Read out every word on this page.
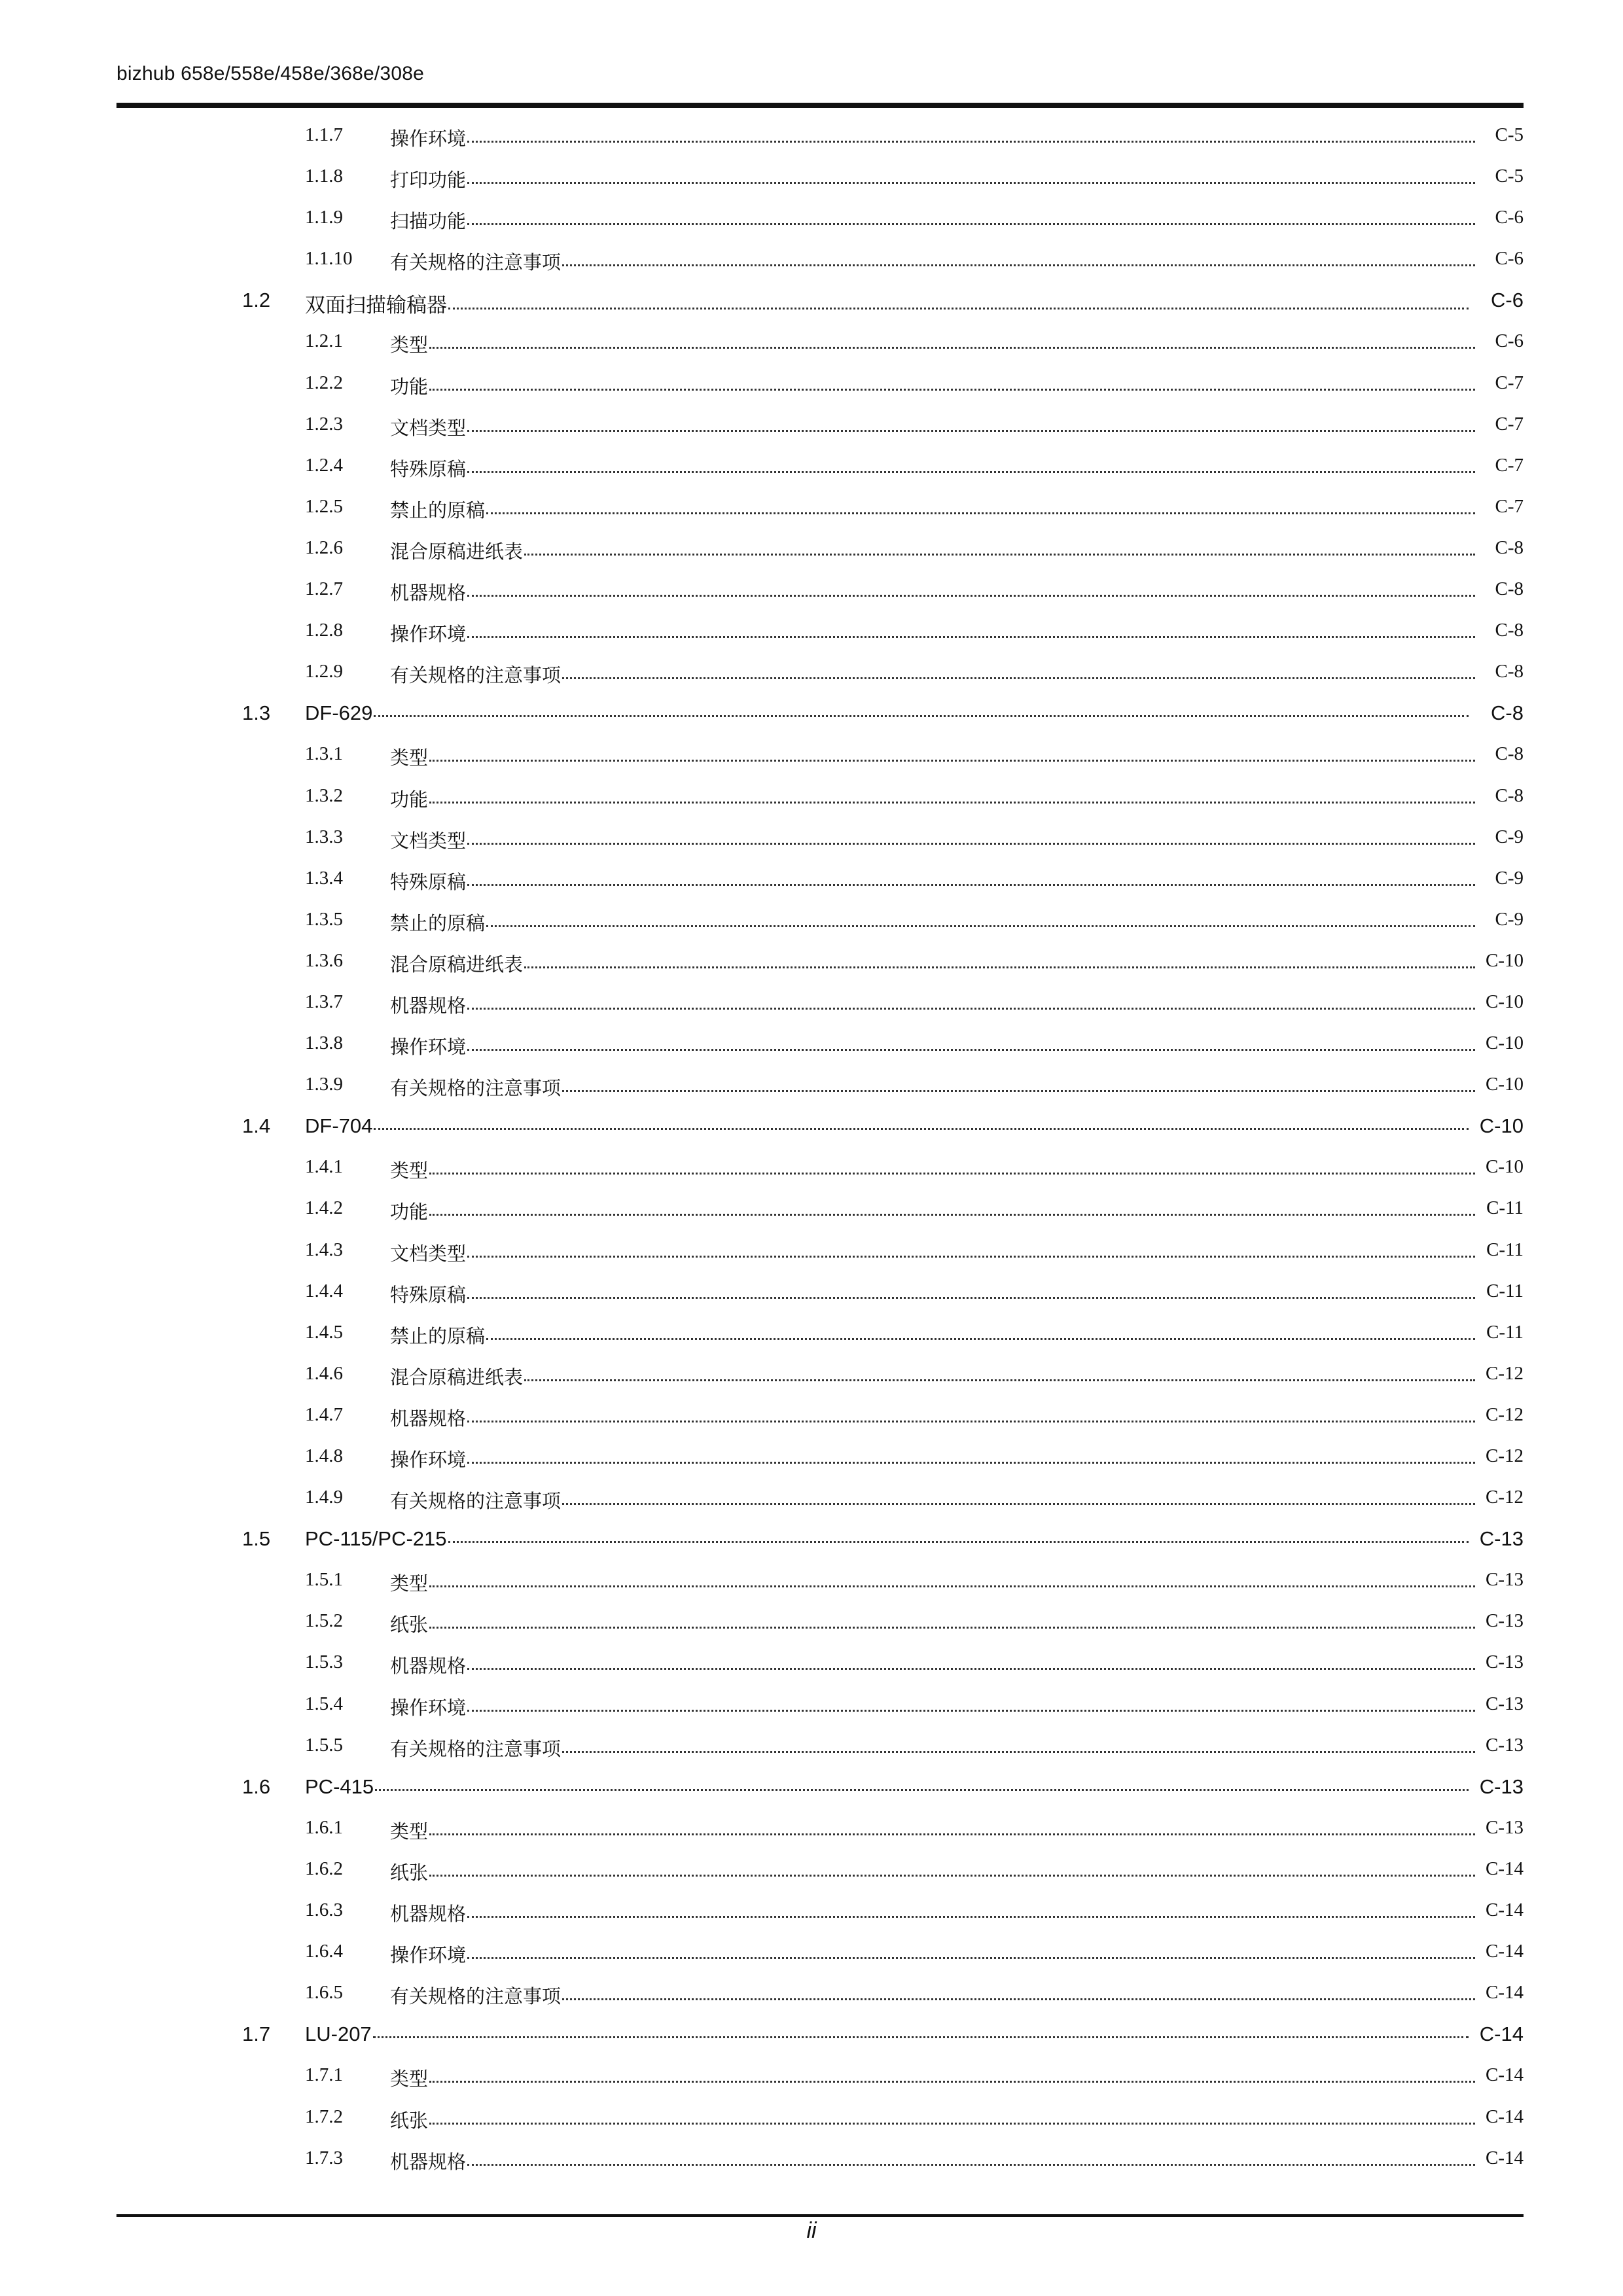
bizhub 658e/558e/458e/368e/308e
1.1.7 操作环境	C-5
1.1.8 打印功能	C-5
1.1.9 扫描功能	C-6
1.1.10 有关规格的注意事项	C-6
1.2 双面扫描输稿器	C-6
1.2.1 类型	C-6
1.2.2 功能	C-7
1.2.3 文档类型	C-7
1.2.4 特殊原稿	C-7
1.2.5 禁止的原稿	C-7
1.2.6 混合原稿进纸表	C-8
1.2.7 机器规格	C-8
1.2.8 操作环境	C-8
1.2.9 有关规格的注意事项	C-8
1.3 DF-629	C-8
1.3.1 类型	C-8
1.3.2 功能	C-8
1.3.3 文档类型	C-9
1.3.4 特殊原稿	C-9
1.3.5 禁止的原稿	C-9
1.3.6 混合原稿进纸表	C-10
1.3.7 机器规格	C-10
1.3.8 操作环境	C-10
1.3.9 有关规格的注意事项	C-10
1.4 DF-704	C-10
1.4.1 类型	C-10
1.4.2 功能	C-11
1.4.3 文档类型	C-11
1.4.4 特殊原稿	C-11
1.4.5 禁止的原稿	C-11
1.4.6 混合原稿进纸表	C-12
1.4.7 机器规格	C-12
1.4.8 操作环境	C-12
1.4.9 有关规格的注意事项	C-12
1.5 PC-115/PC-215	C-13
1.5.1 类型	C-13
1.5.2 纸张	C-13
1.5.3 机器规格	C-13
1.5.4 操作环境	C-13
1.5.5 有关规格的注意事项	C-13
1.6 PC-415	C-13
1.6.1 类型	C-13
1.6.2 纸张	C-14
1.6.3 机器规格	C-14
1.6.4 操作环境	C-14
1.6.5 有关规格的注意事项	C-14
1.7 LU-207	C-14
1.7.1 类型	C-14
1.7.2 纸张	C-14
1.7.3 机器规格	C-14
ii
